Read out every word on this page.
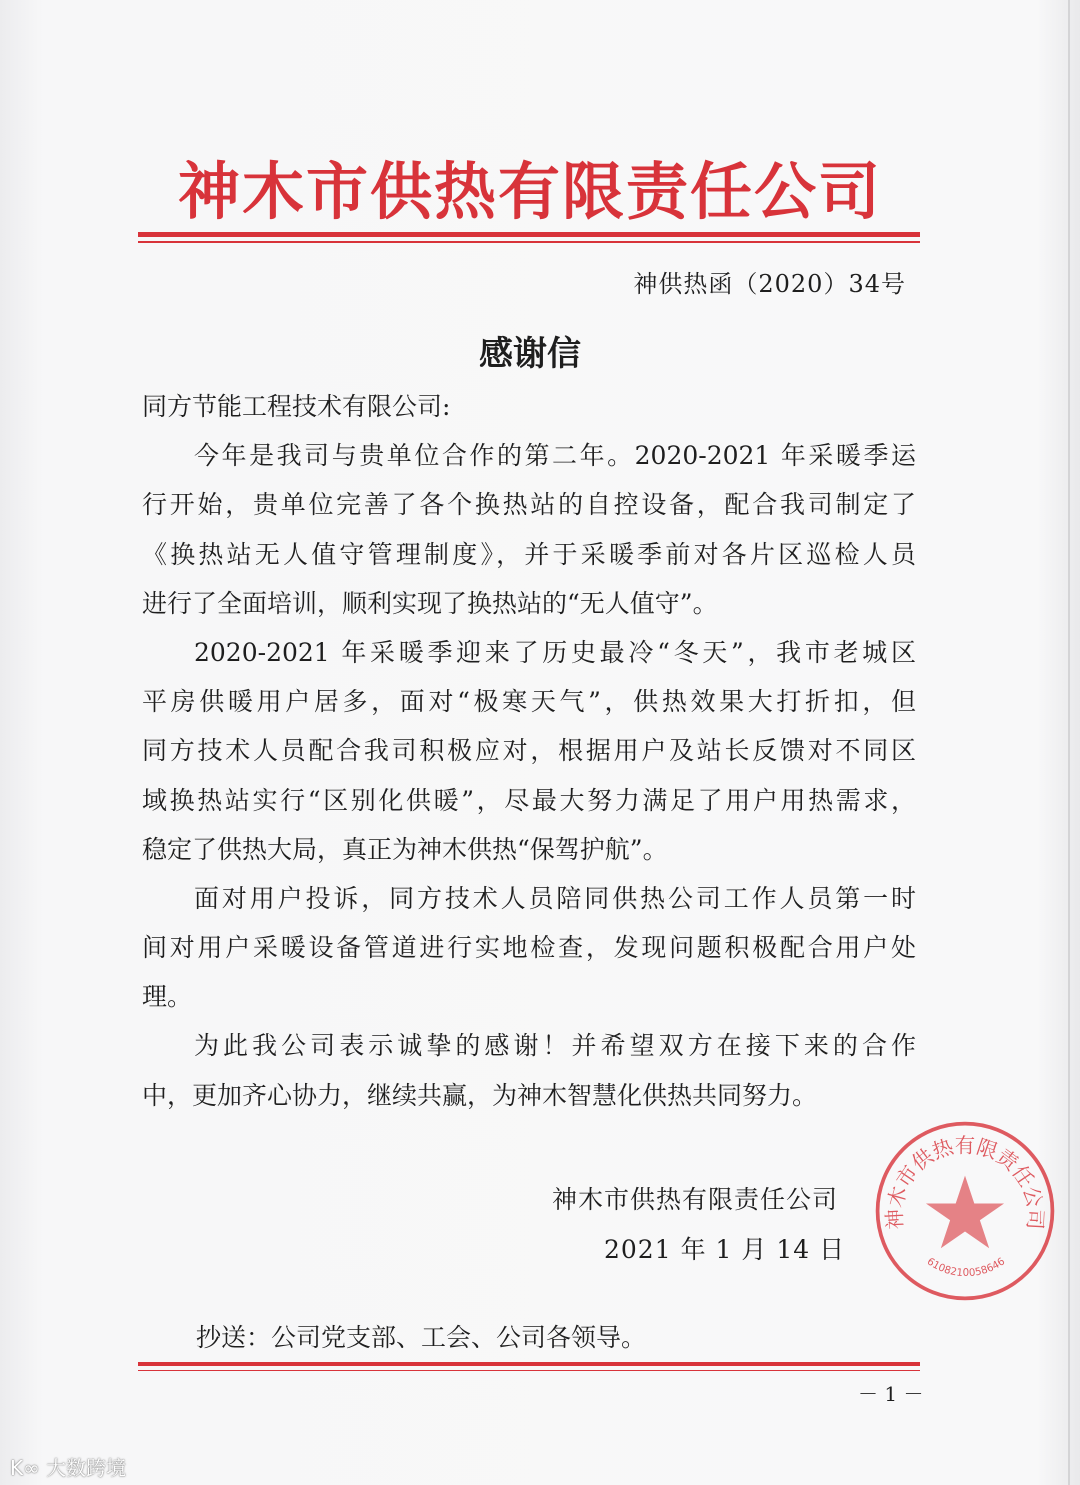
神木市供热有限责任公司
神供热函（2020）34号
感谢信
同方节能工程技术有限公司:
今年是我司与贵单位合作的第二年。2020-2021 年采暖季运
行开始，贵单位完善了各个换热站的自控设备，配合我司制定了
《换热站无人值守管理制度》，并于采暖季前对各片区巡检人员
进行了全面培训，顺利实现了换热站的“无人值守”。
2020-2021 年采暖季迎来了历史最冷“冬天”，我市老城区
平房供暖用户居多，面对“极寒天气”，供热效果大打折扣，但
同方技术人员配合我司积极应对，根据用户及站长反馈对不同区
域换热站实行“区别化供暖”，尽最大努力满足了用户用热需求，
稳定了供热大局，真正为神木供热“保驾护航”。
面对用户投诉，同方技术人员陪同供热公司工作人员第一时
间对用户采暖设备管道进行实地检查，发现问题积极配合用户处
理。
为此我公司表示诚挚的感谢！并希望双方在接下来的合作
中，更加齐心协力，继续共赢，为神木智慧化供热共同努力。
神木市供热有限责任公司
6108210058646
神木市供热有限责任公司
2021 年 1 月 14 日
抄送：公司党支部、工会、公司各领导。
－ 1 －
K∞ 大数跨境
